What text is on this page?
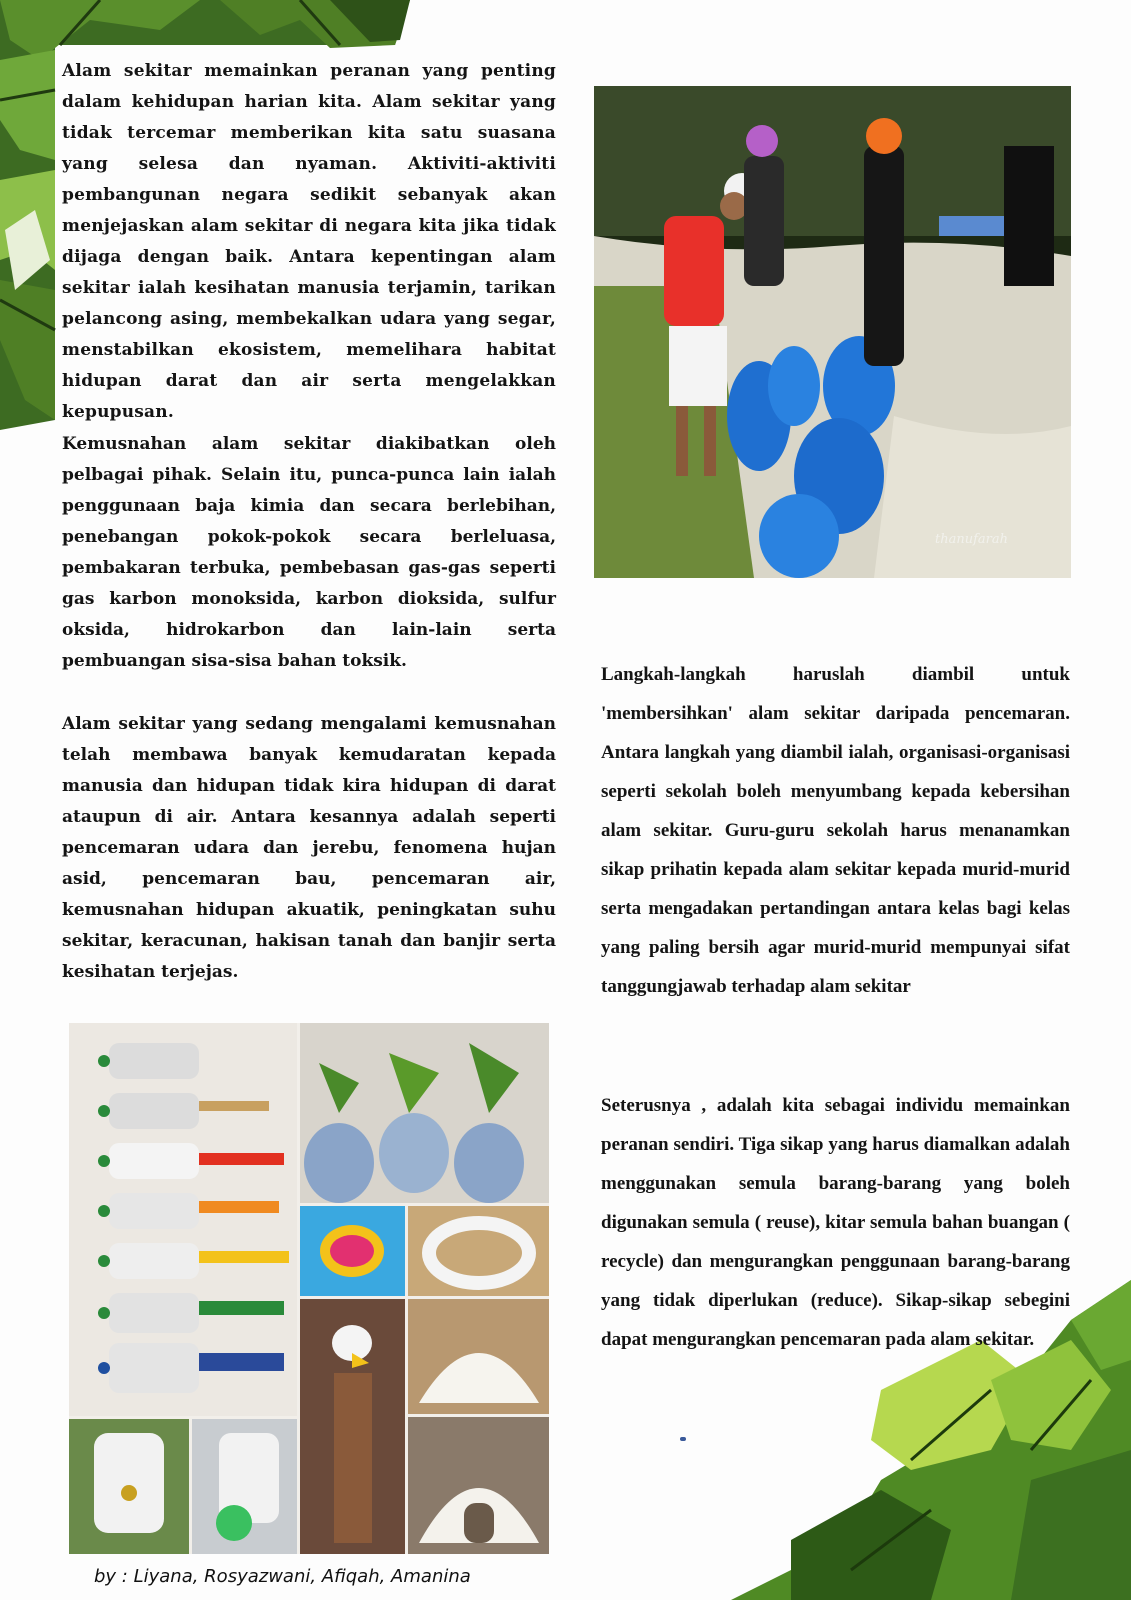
Alam sekitar memainkan peranan yang penting dalam kehidupan harian kita. Alam sekitar yang tidak tercemar memberikan kita satu suasana yang selesa dan nyaman. Aktiviti-aktiviti pembangunan negara sedikit sebanyak akan menjejaskan alam sekitar di negara kita jika tidak dijaga dengan baik. Antara kepentingan alam sekitar ialah kesihatan manusia terjamin, tarikan pelancong asing, membekalkan udara yang segar, menstabilkan ekosistem, memelihara habitat hidupan darat dan air serta mengelakkan kepupusan.

Kemusnahan alam sekitar diakibatkan oleh pelbagai pihak. Selain itu, punca-punca lain ialah penggunaan baja kimia dan secara berlebihan, penebangan pokok-pokok secara berleluasa, pembakaran terbuka, pembebasan gas-gas seperti gas karbon monoksida, karbon dioksida, sulfur oksida, hidrokarbon dan lain-lain serta pembuangan sisa-sisa bahan toksik.

Alam sekitar yang sedang mengalami kemusnahan telah membawa banyak kemudaratan kepada manusia dan hidupan tidak kira hidupan di darat ataupun di air. Antara kesannya adalah seperti pencemaran udara dan jerebu, fenomena hujan asid, pencemaran bau, pencemaran air, kemusnahan hidupan akuatik, peningkatan suhu sekitar, keracunan, hakisan tanah dan banjir serta kesihatan terjejas.

Langkah-langkah haruslah diambil untuk 'membersihkan' alam sekitar daripada pencemaran. Antara langkah yang diambil ialah, organisasi-organisasi seperti sekolah boleh menyumbang kepada kebersihan alam sekitar. Guru-guru sekolah harus menanamkan sikap prihatin kepada alam sekitar kepada murid-murid serta mengadakan pertandingan antara kelas bagi kelas yang paling bersih agar murid-murid mempunyai sifat tanggungjawab terhadap alam sekitar

Seterusnya , adalah kita sebagai individu memainkan peranan sendiri. Tiga sikap yang harus diamalkan adalah menggunakan semula barang-barang yang boleh digunakan semula ( reuse), kitar semula bahan buangan ( recycle) dan mengurangkan penggunaan barang-barang yang tidak diperlukan (reduce). Sikap-sikap sebegini dapat mengurangkan pencemaran pada alam sekitar.

by : Liyana, Rosyazwani, Afiqah, Amanina
thanufarah
